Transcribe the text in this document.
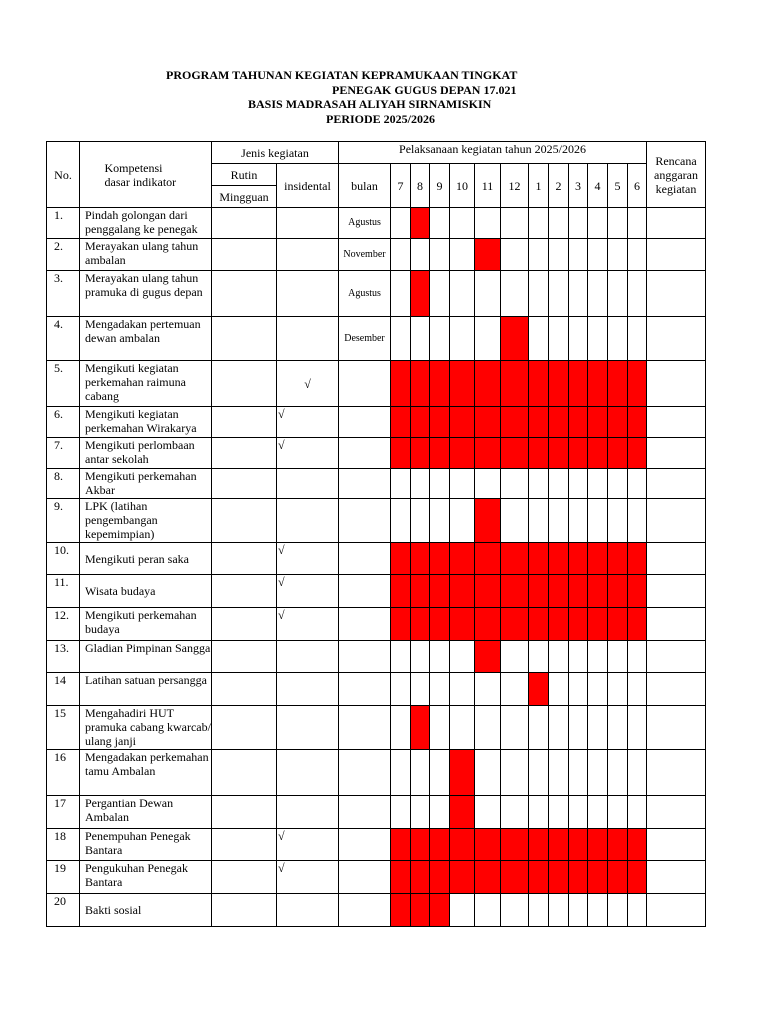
PROGRAM TAHUNAN KEGIATAN KEPRAMUKAAN TINGKAT
PENEGAK GUGUS DEPAN 17.021
BASIS MADRASAH ALIYAH SIRNAMISKIN
PERIODE 2025/2026
No.	Kompetensi dasar indikator	Jenis kegiatan		Pelaksanaan kegiatan tahun 2025/2026													Rencana anggaran kegiatan
		Rutin	insidental	bulan	7	8	9	10	11	12	1	2	3	4	5	6	
		Mingguan															
1.	Pindah golongan dari penggalang ke penegak			Agustus													
2.	Merayakan ulang tahun ambalan			November													
3.	Merayakan ulang tahun pramuka di gugus depan			Agustus													
4.	Mengadakan pertemuan dewan ambalan			Desember													
5.	Mengikuti kegiatan perkemahan raimuna cabang		√														
6.	Mengikuti kegiatan perkemahan Wirakarya		√														
7.	Mengikuti perlombaan antar sekolah		√														
8.	Mengikuti perkemahan Akbar																
9.	LPK (latihan pengembangan kepemimpian)																
10.	Mengikuti peran saka		√														
11.	Wisata budaya		√														
12.	Mengikuti perkemahan budaya		√														
13.	Gladian Pimpinan Sangga																
14	Latihan satuan persangga																
15	Mengahadiri HUT pramuka cabang kwarcab/ ulang janji																
16	Mengadakan perkemahan tamu Ambalan																
17	Pergantian Dewan Ambalan																
18	Penempuhan Penegak Bantara		√														
19	Pengukuhan Penegak Bantara		√														
20	Bakti sosial																
